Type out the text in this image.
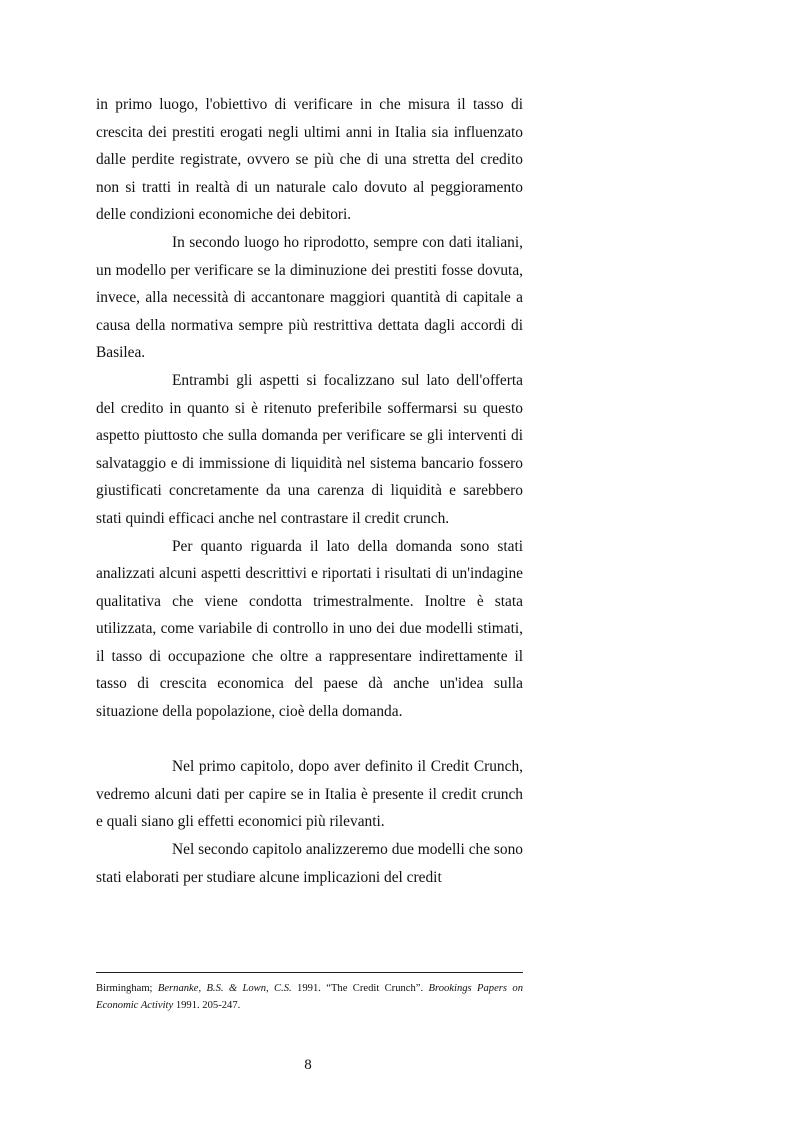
in primo luogo, l'obiettivo di verificare in che misura il tasso di crescita dei prestiti erogati negli ultimi anni in Italia sia influenzato dalle perdite registrate, ovvero se più che di una stretta del credito non si tratti in realtà di un naturale calo dovuto al peggioramento delle condizioni economiche dei debitori.

In secondo luogo ho riprodotto, sempre con dati italiani, un modello per verificare se la diminuzione dei prestiti fosse dovuta, invece, alla necessità di accantonare maggiori quantità di capitale a causa della normativa sempre più restrittiva dettata dagli accordi di Basilea.

Entrambi gli aspetti si focalizzano sul lato dell'offerta del credito in quanto si è ritenuto preferibile soffermarsi su questo aspetto piuttosto che sulla domanda per verificare se gli interventi di salvataggio e di immissione di liquidità nel sistema bancario fossero giustificati concretamente da una carenza di liquidità e sarebbero stati quindi efficaci anche nel contrastare il credit crunch.

Per quanto riguarda il lato della domanda sono stati analizzati alcuni aspetti descrittivi e riportati i risultati di un'indagine qualitativa che viene condotta trimestralmente. Inoltre è stata utilizzata, come variabile di controllo in uno dei due modelli stimati, il tasso di occupazione che oltre a rappresentare indirettamente il tasso di crescita economica del paese dà anche un'idea sulla situazione della popolazione, cioè della domanda.

Nel primo capitolo, dopo aver definito il Credit Crunch, vedremo alcuni dati per capire se in Italia è presente il credit crunch e quali siano gli effetti economici più rilevanti.

Nel secondo capitolo analizzeremo due modelli che sono stati elaborati per studiare alcune implicazioni del credit

Birmingham; Bernanke, B.S. & Lown, C.S. 1991. “The Credit Crunch”. Brookings Papers on Economic Activity 1991. 205-247.
8
